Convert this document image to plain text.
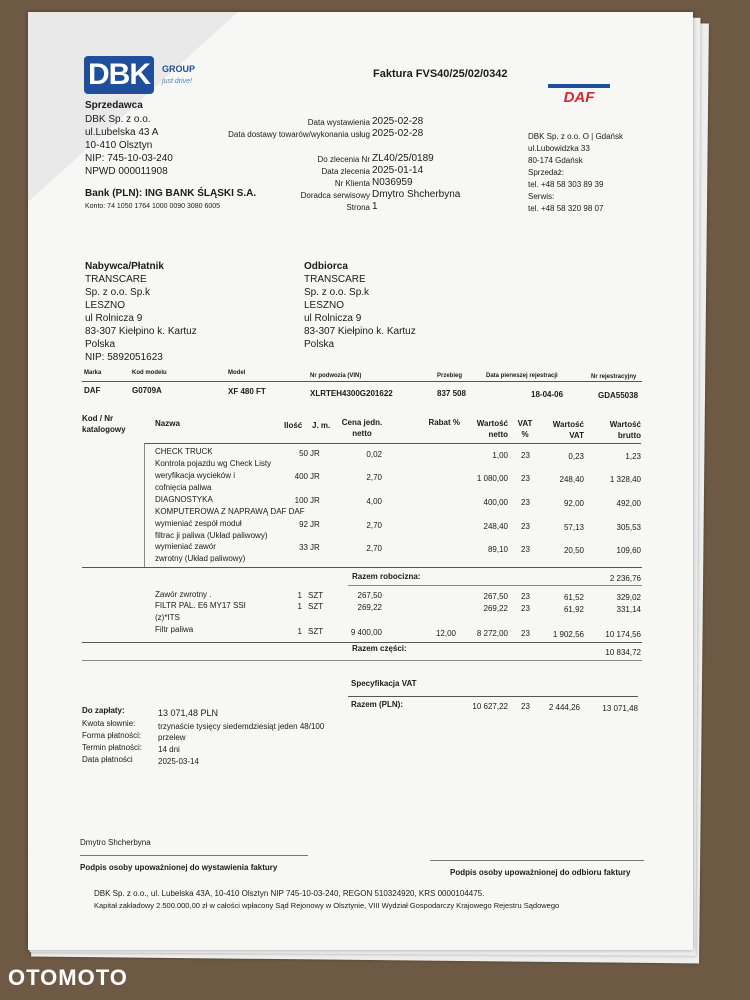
DBK	GROUP
just drive!
DAF
Faktura FVS40/25/02/0342
Sprzedawca
DBK Sp. z o.o.
ul.Lubelska 43 A
10-410 Olsztyn
NIP: 745-10-03-240
NPWD 000011908
Bank (PLN): ING BANK ŚLĄSKI S.A.
Konto: 74 1050 1764 1000 0090 3080 6005
Data wystawienia 2025-02-28
Data dostawy towarów/wykonania usług 2025-02-28
Do zlecenia Nr ZL40/25/0189
Data zlecenia 2025-01-14
Nr Klienta N036959
Doradca serwisowy Dmytro Shcherbyna
Strona 1
DBK Sp. z o.o. O | Gdańsk
ul.Lubowidzka 33
80-174 Gdańsk
Sprzedaż:
tel. +48 58 303 89 39
Serwis:
tel. +48 58 320 98 07
Nabywca/Płatnik
TRANSCARE
Sp. z o.o. Sp.k
LESZNO
ul Rolnicza 9
83-307 Kiełpino k. Kartuz
Polska
NIP: 5892051623
Odbiorca
TRANSCARE
Sp. z o.o. Sp.k
LESZNO
ul Rolnicza 9
83-307 Kiełpino k. Kartuz
Polska
Marka	Kod modelu	Model	Nr podwozia (VIN)	Przebieg	Data pierwszej rejestracji	Nr rejestracyjny
DAF	G0709A	XF 480 FT	XLRTEH4300G201622	837 508	18-04-06	GDA55038
Kod / Nr katalogowy
Nazwa	Ilość J. m.	Cena jedn. netto
Rabat %	Wartość netto
VAT %
Wartość VAT
Wartość brutto
CHECK TRUCK	50 JR	0,02	1,00 23	0,23	1,23
Kontrola pojazdu wg Check Listy
weryfikacja wycieków i
cofnięcia paliwa
400 JR	2,70	1 080,00 23	248,40	1 328,40
DIAGNOSTYKA
KOMPUTEROWA Z NAPRAWĄ DAF DAF
100 JR	4,00	400,00 23	92,00	492,00
wymieniać zespół moduł
filtrac ji paliwa (Układ paliwowy)
92 JR	2,70	248,40 23	57,13	305,53
wymieniać zawór
zwrotny (Układ paliwowy)
33 JR	2,70	89,10 23	20,50	109,60
Razem robocizna:	2 236,76
Zawór zwrotny .	1 SZT	267,50	267,50 23	61,52	329,02
FILTR PAL. E6 MY17 SSI
(z)*ITS
1 SZT	269,22	269,22 23	61,92	331,14
Filtr paliwa	1 SZT	9 400,00	12,00	8 272,00 23	1 902,56	10 174,56
Razem części:	10 834,72
Specyfikacja VAT
Razem (PLN):	10 627,22 23	2 444,26	13 071,48
Do zapłaty:	13 071,48 PLN
Kwota słownie:	trzynaście tysięcy siedemdziesiąt jeden 48/100
Forma płatności: przelew
Termin płatności: 14 dni
Data płatności	2025-03-14
Dmytro Shcherbyna
Podpis osoby upoważnionej do wystawienia faktury
Podpis osoby upoważnionej do odbioru faktury
DBK Sp. z o.o., ul. Lubelska 43A, 10-410 Olsztyn NIP 745-10-03-240, REGON 510324920, KRS 0000104475.
Kapitał zakładowy 2.500.000,00 zł w całości wpłacony Sąd Rejonowy w Olsztynie, VIII Wydział Gospodarczy Krajowego Rejestru Sądowego
OTOMOTO
